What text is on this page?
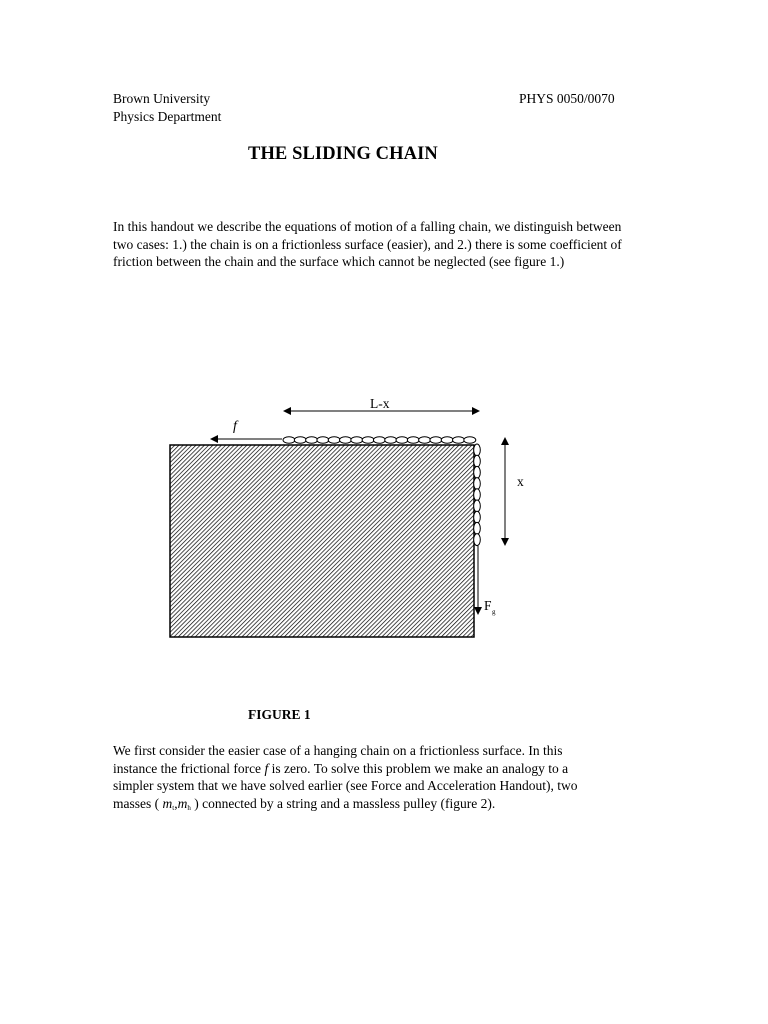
Brown University
Physics Department
PHYS 0050/0070
THE SLIDING CHAIN
In this handout we describe the equations of motion of a falling chain, we distinguish between two cases: 1.) the chain is on a frictionless surface (easier), and 2.) there is some coefficient of friction between the chain and the surface which cannot be neglected (see figure 1.)
L-x
f
x
F g
FIGURE 1
We first consider the easier case of a hanging chain on a frictionless surface. In this
instance the frictional force f is zero. To solve this problem we make an analogy to a
simpler system that we have solved earlier (see Force and Acceleration Handout), two
masses ( $m_t,m_h$ ) connected by a string and a massless pulley (figure 2).
